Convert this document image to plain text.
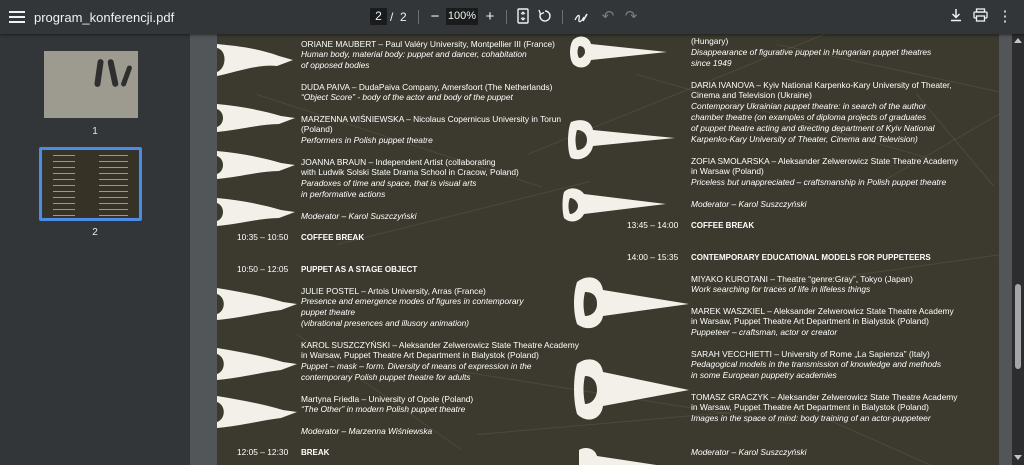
program_konferencji.pdf
2	/ 2	− 100% +	↶ ↷	⋮
1
2
ORIANE MAUBERT – Paul Valéry University, Montpellier III (France)
Human body, material body: puppet and dancer, cohabitation
of opposed bodies
DUDA PAIVA – DudaPaiva Company, Amersfoort (The Netherlands)
“Object Score” - body of the actor and body of the puppet
MARZENNA WIŚNIEWSKA – Nicolaus Copernicus University in Torun
(Poland)
Performers in Polish puppet theatre
JOANNA BRAUN – Independent Artist (collaborating
with Ludwik Solski State Drama School in Cracow, Poland)
Paradoxes of time and space, that is visual arts
in performative actions
Moderator – Karol Suszczyński
10:35 – 10:50 COFFEE BREAK
10:50 – 12:05 PUPPET AS A STAGE OBJECT
JULIE POSTEL – Artois University, Arras (France)
Presence and emergence modes of figures in contemporary
puppet theatre
(vibrational presences and illusory animation)
KAROL SUSZCZYŃSKI – Aleksander Zelwerowicz State Theatre Academy
in Warsaw, Puppet Theatre Art Department in Bialystok (Poland)
Puppet – mask – form. Diversity of means of expression in the
contemporary Polish puppet theatre for adults
Martyna Friedla – University of Opole (Poland)
“The Other” in modern Polish puppet theatre
Moderator – Marzenna Wiśniewska
12:05 – 12:30 BREAK
(Hungary)
Disappearance of figurative puppet in Hungarian puppet theatres
since 1949
DARIA IVANOVA – Kyiv National Karpenko-Kary University of Theater,
Cinema and Television (Ukraine)
Contemporary Ukrainian puppet theatre: in search of the author
chamber theatre (on examples of diploma projects of graduates
of puppet theatre acting and directing department of Kyiv National
Karpenko-Kary University of Theater, Cinema and Television)
ZOFIA SMOLARSKA – Aleksander Zelwerowicz State Theatre Academy
in Warsaw (Poland)
Priceless but unappreciated – craftsmanship in Polish puppet theatre
Moderator – Karol Suszczyński
13:45 – 14:00 COFFEE BREAK
14:00 – 15:35 CONTEMPORARY EDUCATIONAL MODELS FOR PUPPETEERS
MIYAKO KUROTANI – Theatre “genre:Gray”, Tokyo (Japan)
Work searching for traces of life in lifeless things
MAREK WASZKIEL – Aleksander Zelwerowicz State Theatre Academy
in Warsaw, Puppet Theatre Art Department in Bialystok (Poland)
Puppeteer – craftsman, actor or creator
SARAH VECCHIETTI – University of Rome „La Sapienza” (Italy)
Pedagogical models in the transmission of knowledge and methods
in some European puppetry academies
TOMASZ GRACZYK – Aleksander Zelwerowicz State Theatre Academy
in Warsaw, Puppet Theatre Art Department in Bialystok (Poland)
Images in the space of mind: body training of an actor-puppeteer
Moderator – Karol Suszczyński
